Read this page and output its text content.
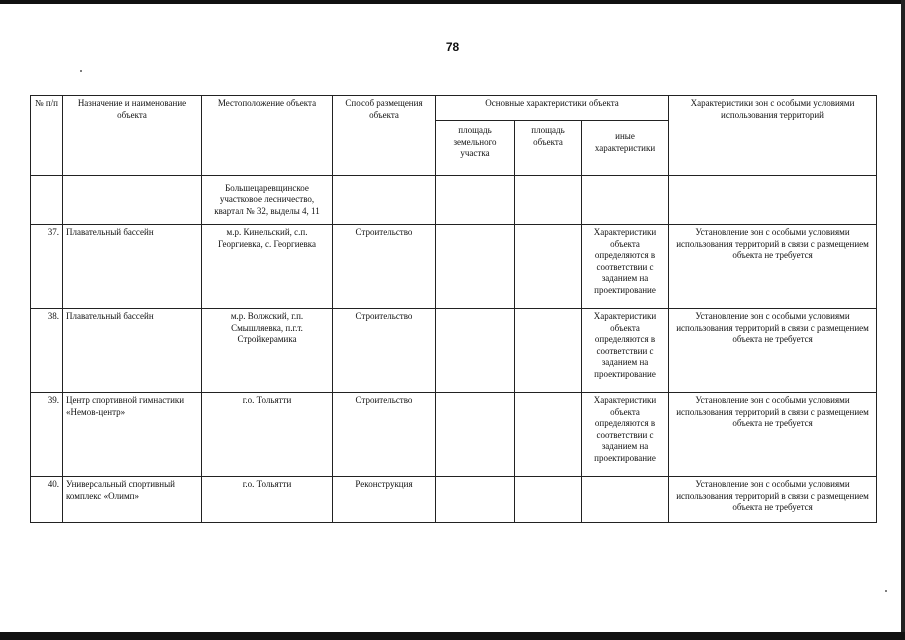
78
№ п/п	Назначение и наименование объекта	Местоположение объекта	Способ размещения объекта	Основные характеристики объекта			Характеристики зон с особыми условиями использования территорий
				площадь земельного участка	площадь объекта	иные характеристики	
		Большецаревщинское участковое лесничество, квартал № 32, выделы 4, 11					
37.	Плавательный бассейн	м.р. Кинельский, с.п. Георгиевка, с. Георгиевка	Строительство			Характеристики объекта определяются в соответствии с заданием на проектирование	Установление зон с особыми условиями использования территорий в связи с размещением объекта не требуется
38.	Плавательный бассейн	м.р. Волжский, г.п. Смышляевка, п.г.т. Стройкерамика	Строительство			Характеристики объекта определяются в соответствии с заданием на проектирование	Установление зон с особыми условиями использования территорий в связи с размещением объекта не требуется
39.	Центр спортивной гимнастики «Немов-центр»	г.о. Тольятти	Строительство			Характеристики объекта определяются в соответствии с заданием на проектирование	Установление зон с особыми условиями использования территорий в связи с размещением объекта не требуется
40.	Универсальный спортивный комплекс «Олимп»	г.о. Тольятти	Реконструкция				Установление зон с особыми условиями использования территорий в связи с размещением объекта не требуется
